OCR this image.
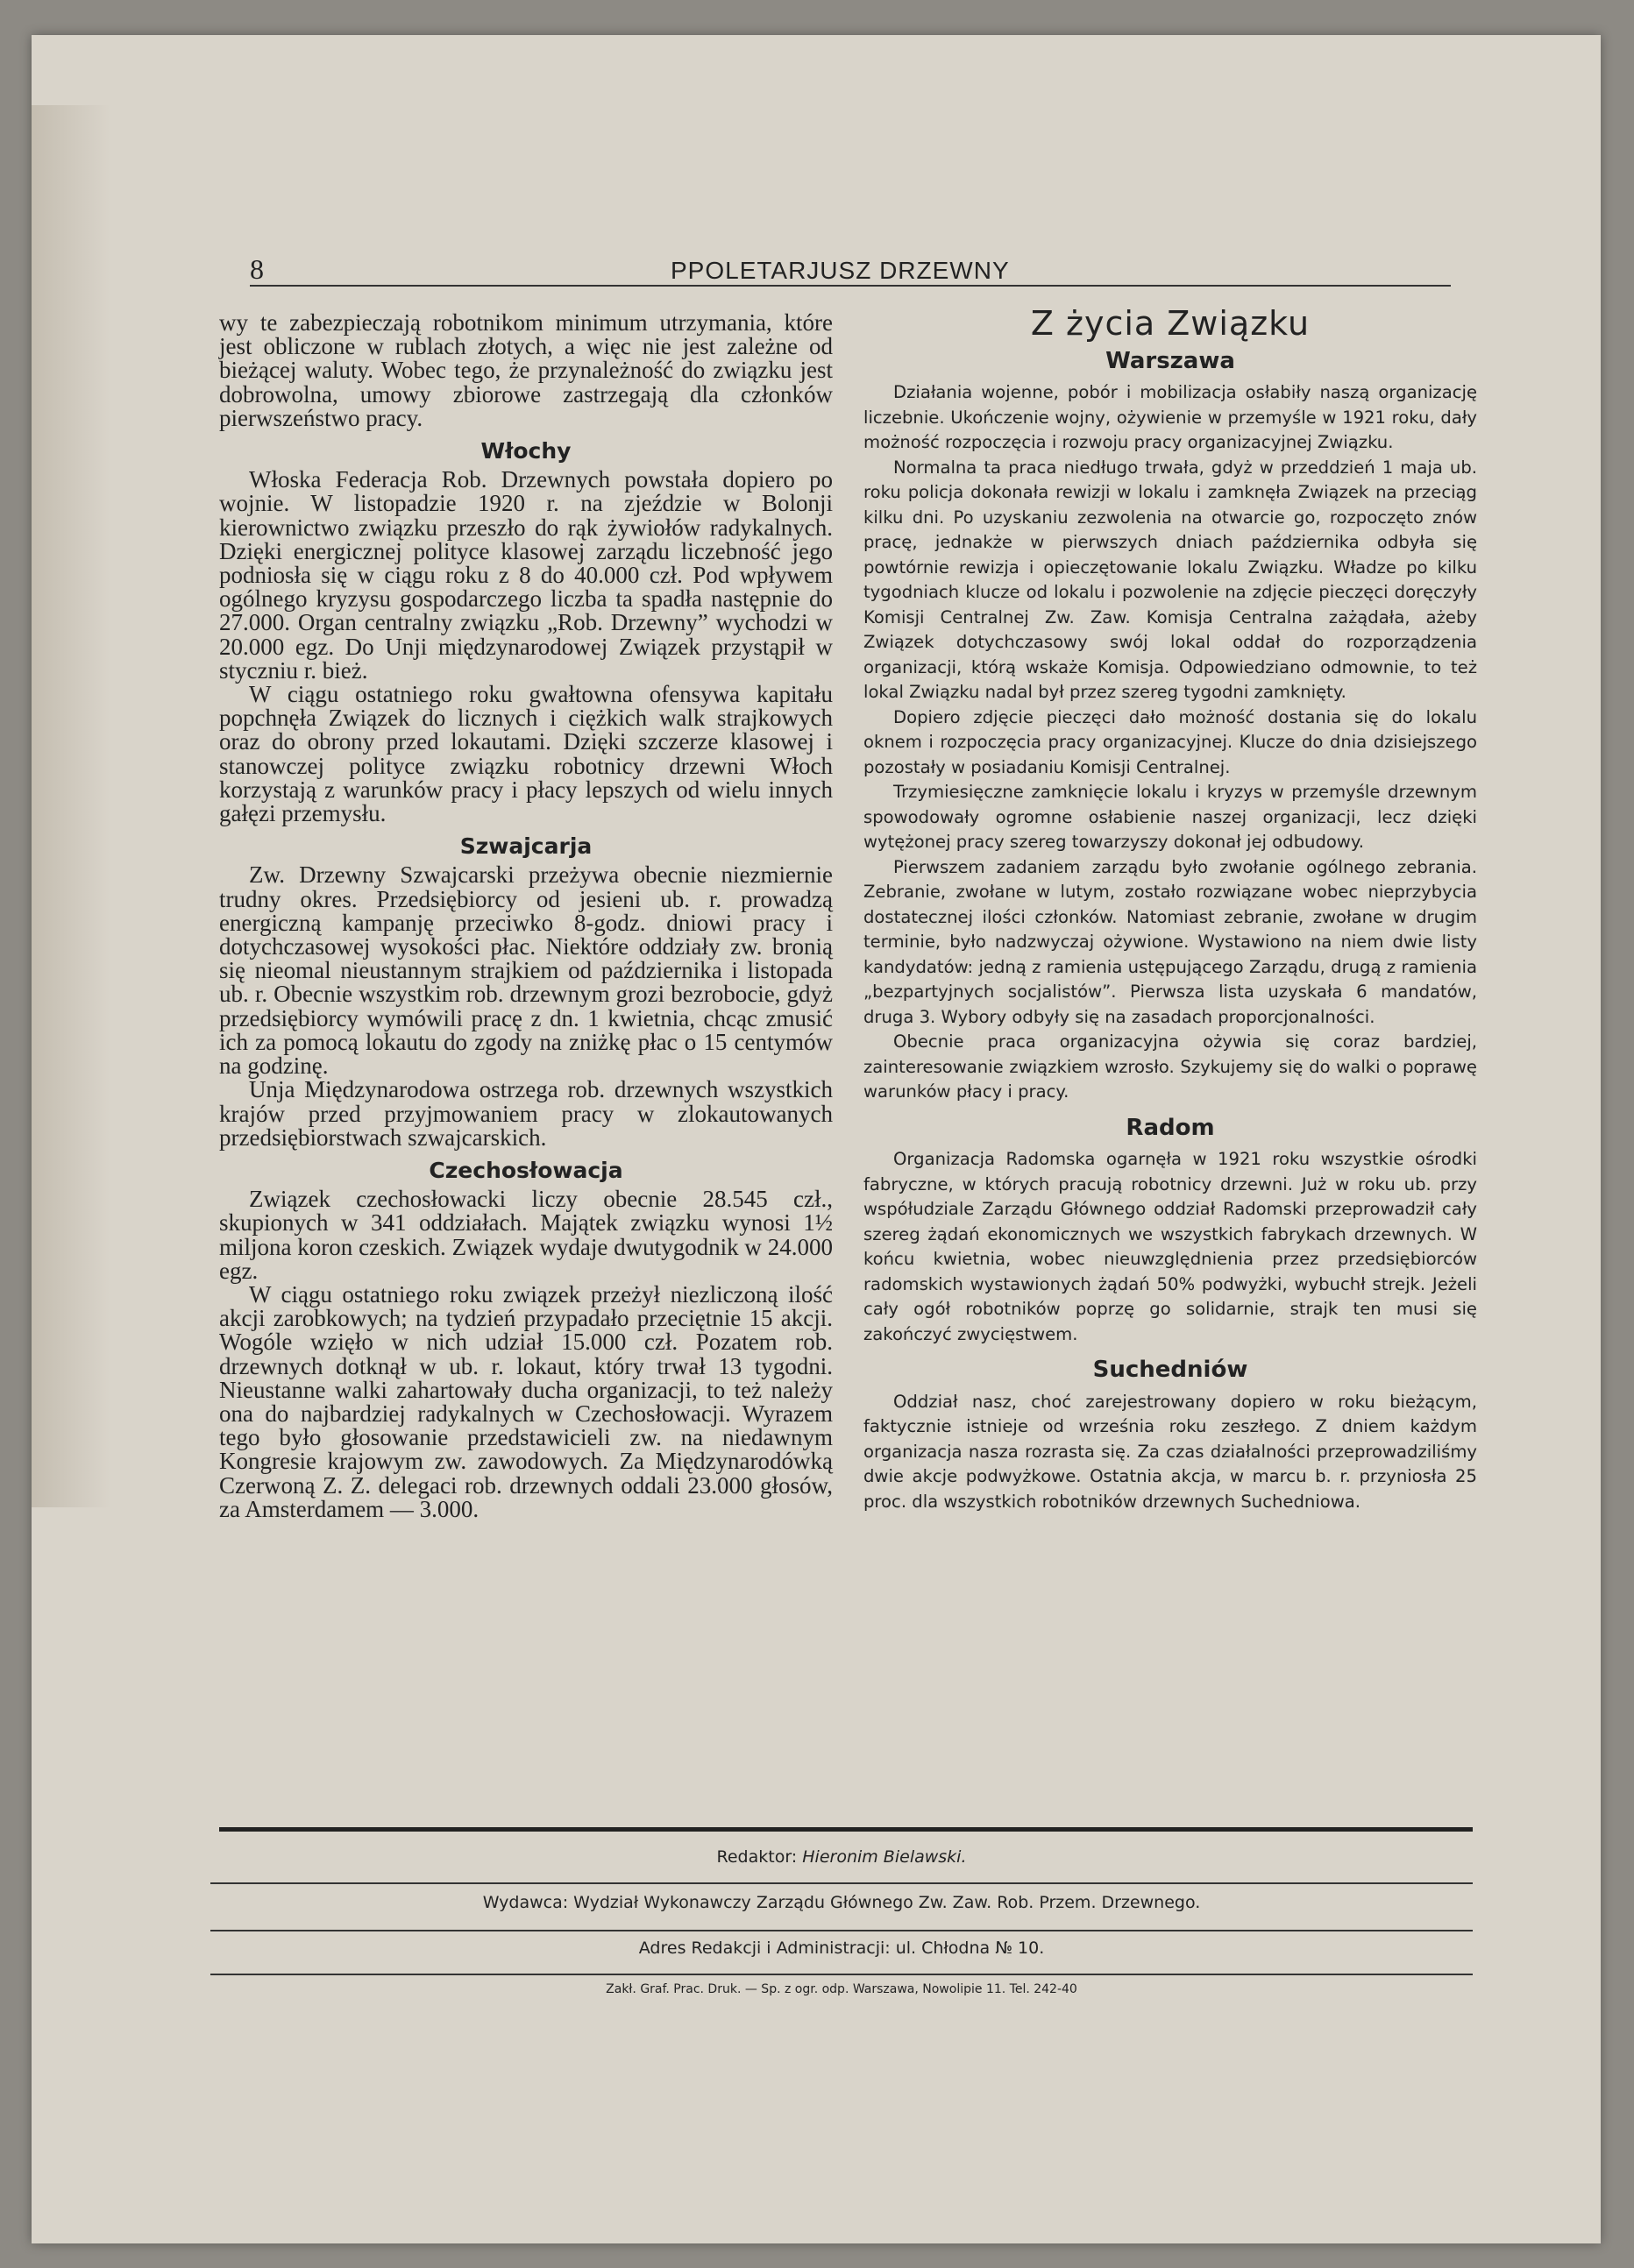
8	PPOLETARJUSZ DRZEWNY

wy te zabezpieczają robotnikom minimum utrzymania, które jest obliczone w rublach złotych, a więc nie jest zależne od bieżącej waluty. Wobec tego, że przynależność do związku jest dobrowolna, umowy zbiorowe zastrzegają dla członków pierwszeństwo pracy.

Włochy

Włoska Federacja Rob. Drzewnych powstała dopiero po wojnie. W listopadzie 1920 r. na zjeździe w Bolonji kierownictwo związku przeszło do rąk żywiołów radykalnych. Dzięki energicznej polityce klasowej zarządu liczebność jego podniosła się w ciągu roku z 8 do 40.000 czł. Pod wpływem ogólnego kryzysu gospodarczego liczba ta spadła następnie do 27.000. Organ centralny związku „Rob. Drzewny” wychodzi w 20.000 egz. Do Unji międzynarodowej Związek przystąpił w styczniu r. bież.

W ciągu ostatniego roku gwałtowna ofensywa kapitału popchnęła Związek do licznych i ciężkich walk strajkowych oraz do obrony przed lokautami. Dzięki szczerze klasowej i stanowczej polityce związku robotnicy drzewni Włoch korzystają z warunków pracy i płacy lepszych od wielu innych gałęzi przemysłu.

Szwajcarja

Zw. Drzewny Szwajcarski przeżywa obecnie niezmiernie trudny okres. Przedsiębiorcy od jesieni ub. r. prowadzą energiczną kampanję przeciwko 8-godz. dniowi pracy i dotychczasowej wysokości płac. Niektóre oddziały zw. bronią się nieomal nieustannym strajkiem od października i listopada ub. r. Obecnie wszystkim rob. drzewnym grozi bezrobocie, gdyż przedsiębiorcy wymówili pracę z dn. 1 kwietnia, chcąc zmusić ich za pomocą lokautu do zgody na zniżkę płac o 15 centymów na godzinę.

Unja Międzynarodowa ostrzega rob. drzewnych wszystkich krajów przed przyjmowaniem pracy w zlokautowanych przedsiębiorstwach szwajcarskich.

Czechosłowacja

Związek czechosłowacki liczy obecnie 28.545 czł., skupionych w 341 oddziałach. Majątek związku wynosi 1½ miljona koron czeskich. Związek wydaje dwutygodnik w 24.000 egz.

W ciągu ostatniego roku związek przeżył niezliczoną ilość akcji zarobkowych; na tydzień przypadało przeciętnie 15 akcji. Wogóle wzięło w nich udział 15.000 czł. Pozatem rob. drzewnych dotknął w ub. r. lokaut, który trwał 13 tygodni. Nieustanne walki zahartowały ducha organizacji, to też należy ona do najbardziej radykalnych w Czechosłowacji. Wyrazem tego było głosowanie przedstawicieli zw. na niedawnym Kongresie krajowym zw. zawodowych. Za Międzynarodówką Czerwoną Z. Z. delegaci rob. drzewnych oddali 23.000 głosów, za Amsterdamem — 3.000.

Z życia Związku
Warszawa

Działania wojenne, pobór i mobilizacja osłabiły naszą organizację liczebnie. Ukończenie wojny, ożywienie w przemyśle w 1921 roku, dały możność rozpoczęcia i rozwoju pracy organizacyjnej Związku.

Normalna ta praca niedługo trwała, gdyż w przeddzień 1 maja ub. roku policja dokonała rewizji w lokalu i zamknęła Związek na przeciąg kilku dni. Po uzyskaniu zezwolenia na otwarcie go, rozpoczęto znów pracę, jednakże w pierwszych dniach października odbyła się powtórnie rewizja i opieczętowanie lokalu Związku. Władze po kilku tygodniach klucze od lokalu i pozwolenie na zdjęcie pieczęci doręczyły Komisji Centralnej Zw. Zaw. Komisja Centralna zażądała, ażeby Związek dotychczasowy swój lokal oddał do rozporządzenia organizacji, którą wskaże Komisja. Odpowiedziano odmownie, to też lokal Związku nadal był przez szereg tygodni zamknięty.

Dopiero zdjęcie pieczęci dało możność dostania się do lokalu oknem i rozpoczęcia pracy organizacyjnej. Klucze do dnia dzisiejszego pozostały w posiadaniu Komisji Centralnej.

Trzymiesięczne zamknięcie lokalu i kryzys w przemyśle drzewnym spowodowały ogromne osłabienie naszej organizacji, lecz dzięki wytężonej pracy szereg towarzyszy dokonał jej odbudowy.

Pierwszem zadaniem zarządu było zwołanie ogólnego zebrania. Zebranie, zwołane w lutym, zostało rozwiązane wobec nieprzybycia dostatecznej ilości członków. Natomiast zebranie, zwołane w drugim terminie, było nadzwyczaj ożywione. Wystawiono na niem dwie listy kandydatów: jedną z ramienia ustępującego Zarządu, drugą z ramienia „bezpartyjnych socjalistów”. Pierwsza lista uzyskała 6 mandatów, druga 3. Wybory odbyły się na zasadach proporcjonalności.

Obecnie praca organizacyjna ożywia się coraz bardziej, zainteresowanie związkiem wzrosło. Szykujemy się do walki o poprawę warunków płacy i pracy.

Radom

Organizacja Radomska ogarnęła w 1921 roku wszystkie ośrodki fabryczne, w których pracują robotnicy drzewni. Już w roku ub. przy współudziale Zarządu Głównego oddział Radomski przeprowadził cały szereg żądań ekonomicznych we wszystkich fabrykach drzewnych. W końcu kwietnia, wobec nieuwzględnienia przez przedsiębiorców radomskich wystawionych żądań 50% podwyżki, wybuchł strejk. Jeżeli cały ogół robotników poprzę go solidarnie, strajk ten musi się zakończyć zwycięstwem.

Suchedniów

Oddział nasz, choć zarejestrowany dopiero w roku bieżącym, faktycznie istnieje od września roku zeszłego. Z dniem każdym organizacja nasza rozrasta się. Za czas działalności przeprowadziliśmy dwie akcje podwyżkowe. Ostatnia akcja, w marcu b. r. przyniosła 25 proc. dla wszystkich robotników drzewnych Suchedniowa.

Redaktor: Hieronim Bielawski.
Wydawca: Wydział Wykonawczy Zarządu Głównego Zw. Zaw. Rob. Przem. Drzewnego.
Adres Redakcji i Administracji: ul. Chłodna № 10.
Zakł. Graf. Prac. Druk. — Sp. z ogr. odp. Warszawa, Nowolipie 11. Tel. 242-40
